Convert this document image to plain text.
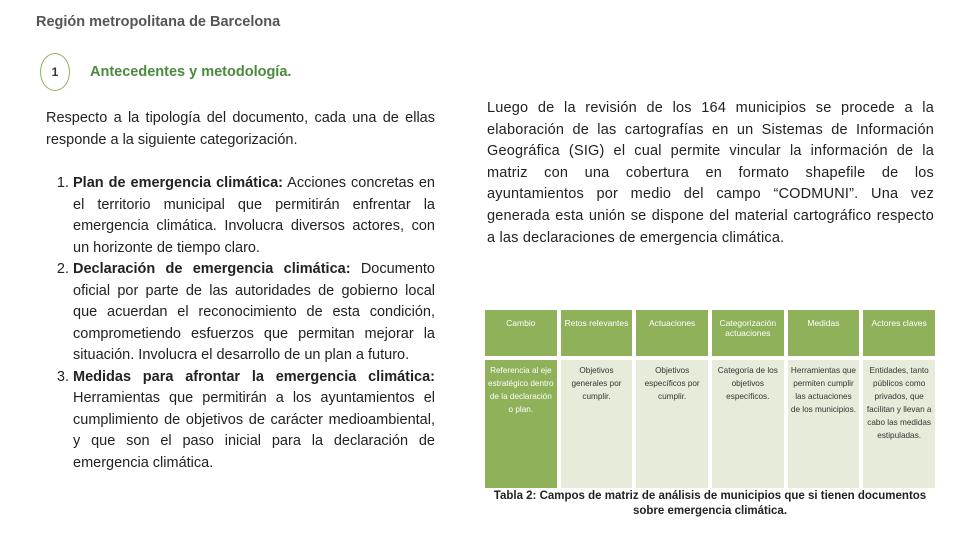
Región metropolitana de Barcelona
1	Antecedentes y metodología.

Respecto a la tipología del documento, cada una de ellas responde a la siguiente categorización.

1. Plan de emergencia climática: Acciones concretas en el territorio municipal que permitirán enfrentar la emergencia climática. Involucra diversos actores, con un horizonte de tiempo claro.
2. Declaración de emergencia climática: Documento oficial por parte de las autoridades de gobierno local que acuerdan el reconocimiento de esta condición, comprometiendo esfuerzos que permitan mejorar la situación. Involucra el desarrollo de un plan a futuro.
3. Medidas para afrontar la emergencia climática: Herramientas que permitirán a los ayuntamientos el cumplimiento de objetivos de carácter medioambiental, y que son el paso inicial para la declaración de emergencia climática.
Luego de la revisión de los 164 municipios se procede a la elaboración de las cartografías en un Sistemas de Información Geográfica (SIG) el cual permite vincular la información de la matriz con una cobertura en formato shapefile de los ayuntamientos por medio del campo “CODMUNI”. Una vez generada esta unión se dispone del material cartográfico respecto a las declaraciones de emergencia climática.
Cambio	Retos relevantes	Actuaciones	Categorización actuaciones	Medidas	Actores claves
Referencia al eje estratégico dentro de la declaración o plan.	Objetivos generales por cumplir.	Objetivos específicos por cumplir.	Categoría de los objetivos específicos.	Herramientas que permiten cumplir las actuaciones de los municipios.	Entidades, tanto públicos como privados, que facilitan y llevan a cabo las medidas estipuladas.
Tabla 2: Campos de matriz de análisis de municipios que si tienen documentos sobre emergencia climática.
